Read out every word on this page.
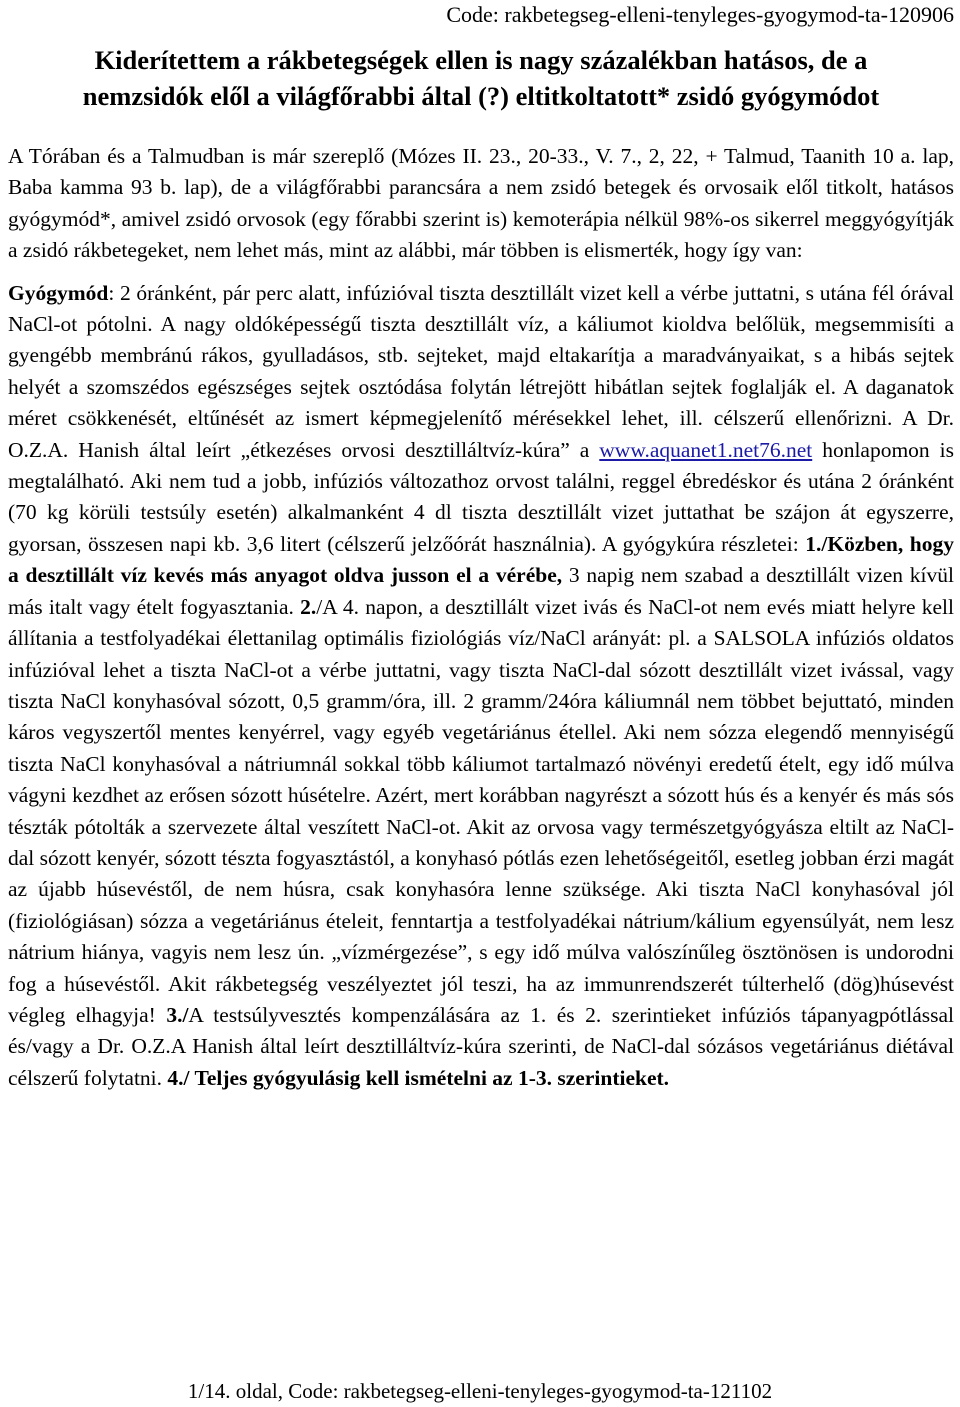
Code: rakbetegseg-elleni-tenyleges-gyogymod-ta-120906
Kiderítettem a rákbetegségek ellen is nagy százalékban hatásos, de a
nemzsidók elől a világfőrabbi által (?) eltitkoltatott* zsidó gyógymódot

A Tórában és a Talmudban is már szereplő (Mózes II. 23., 20-33., V. 7., 2, 22, + Talmud, Taanith 10 a. lap, Baba kamma 93 b. lap), de a világfőrabbi parancsára a nem zsidó betegek és orvosaik elől titkolt, hatásos gyógymód*, amivel zsidó orvosok (egy főrabbi szerint is) kemoterápia nélkül 98%-os sikerrel meggyógyítják a zsidó rákbetegeket, nem lehet más, mint az alábbi, már többen is elismerték, hogy így van:

Gyógymód: 2 óránként, pár perc alatt, infúzióval tiszta desztillált vizet kell a vérbe juttatni, s utána fél órával NaCl-ot pótolni. A nagy oldóképességű tiszta desztillált víz, a káliumot kioldva belőlük, megsemmisíti a gyengébb membránú rákos, gyulladásos, stb. sejteket, majd eltakarítja a maradványaikat, s a hibás sejtek helyét a szomszédos egészséges sejtek osztódása folytán létrejött hibátlan sejtek foglalják el. A daganatok méret csökkenését, eltűnését az ismert képmegjelenítő mérésekkel lehet, ill. célszerű ellenőrizni. A Dr. O.Z.A. Hanish által leírt „étkezéses orvosi desztilláltvíz-kúra” a www.aquanet1.net76.net honlapomon is megtalálható. Aki nem tud a jobb, infúziós változathoz orvost találni, reggel ébredéskor és utána 2 óránként (70 kg körüli testsúly esetén) alkalmanként 4 dl tiszta desztillált vizet juttathat be szájon át egyszerre, gyorsan, összesen napi kb. 3,6 litert (célszerű jelzőórát használnia). A gyógykúra részletei: 1./Közben, hogy a desztillált víz kevés más anyagot oldva jusson el a vérébe, 3 napig nem szabad a desztillált vizen kívül más italt vagy ételt fogyasztania. 2./A 4. napon, a desztillált vizet ivás és NaCl-ot nem evés miatt helyre kell állítania a testfolyadékai élettanilag optimális fiziológiás víz/NaCl arányát: pl. a SALSOLA infúziós oldatos infúzióval lehet a tiszta NaCl-ot a vérbe juttatni, vagy tiszta NaCl-dal sózott desztillált vizet ivással, vagy tiszta NaCl konyhasóval sózott, 0,5 gramm/óra, ill. 2 gramm/24óra káliumnál nem többet bejuttató, minden káros vegyszertől mentes kenyérrel, vagy egyéb vegetáriánus étellel. Aki nem sózza elegendő mennyiségű tiszta NaCl konyhasóval a nátriumnál sokkal több káliumot tartalmazó növényi eredetű ételt, egy idő múlva vágyni kezdhet az erősen sózott húsételre. Azért, mert korábban nagyrészt a sózott hús és a kenyér és más sós tészták pótolták a szervezete által veszített NaCl-ot. Akit az orvosa vagy természetgyógyásza eltilt az NaCl-dal sózott kenyér, sózott tészta fogyasztástól, a konyhasó pótlás ezen lehetőségeitől, esetleg jobban érzi magát az újabb húsevéstől, de nem húsra, csak konyhasóra lenne szüksége. Aki tiszta NaCl konyhasóval jól (fiziológiásan) sózza a vegetáriánus ételeit, fenntartja a testfolyadékai nátrium/kálium egyensúlyát, nem lesz nátrium hiánya, vagyis nem lesz ún. „vízmérgezése”, s egy idő múlva valószínűleg ösztönösen is undorodni fog a húsevéstől. Akit rákbetegség veszélyeztet jól teszi, ha az immunrendszerét túlterhelő (dög)húsevést végleg elhagyja! 3./A testsúlyvesztés kompenzálására az 1. és 2. szerintieket infúziós tápanyagpótlással és/vagy a Dr. O.Z.A Hanish által leírt desztilláltvíz-kúra szerinti, de NaCl-dal sózásos vegetáriánus diétával célszerű folytatni. 4./ Teljes gyógyulásig kell ismételni az 1-3. szerintieket.

1/14. oldal, Code: rakbetegseg-elleni-tenyleges-gyogymod-ta-121102
